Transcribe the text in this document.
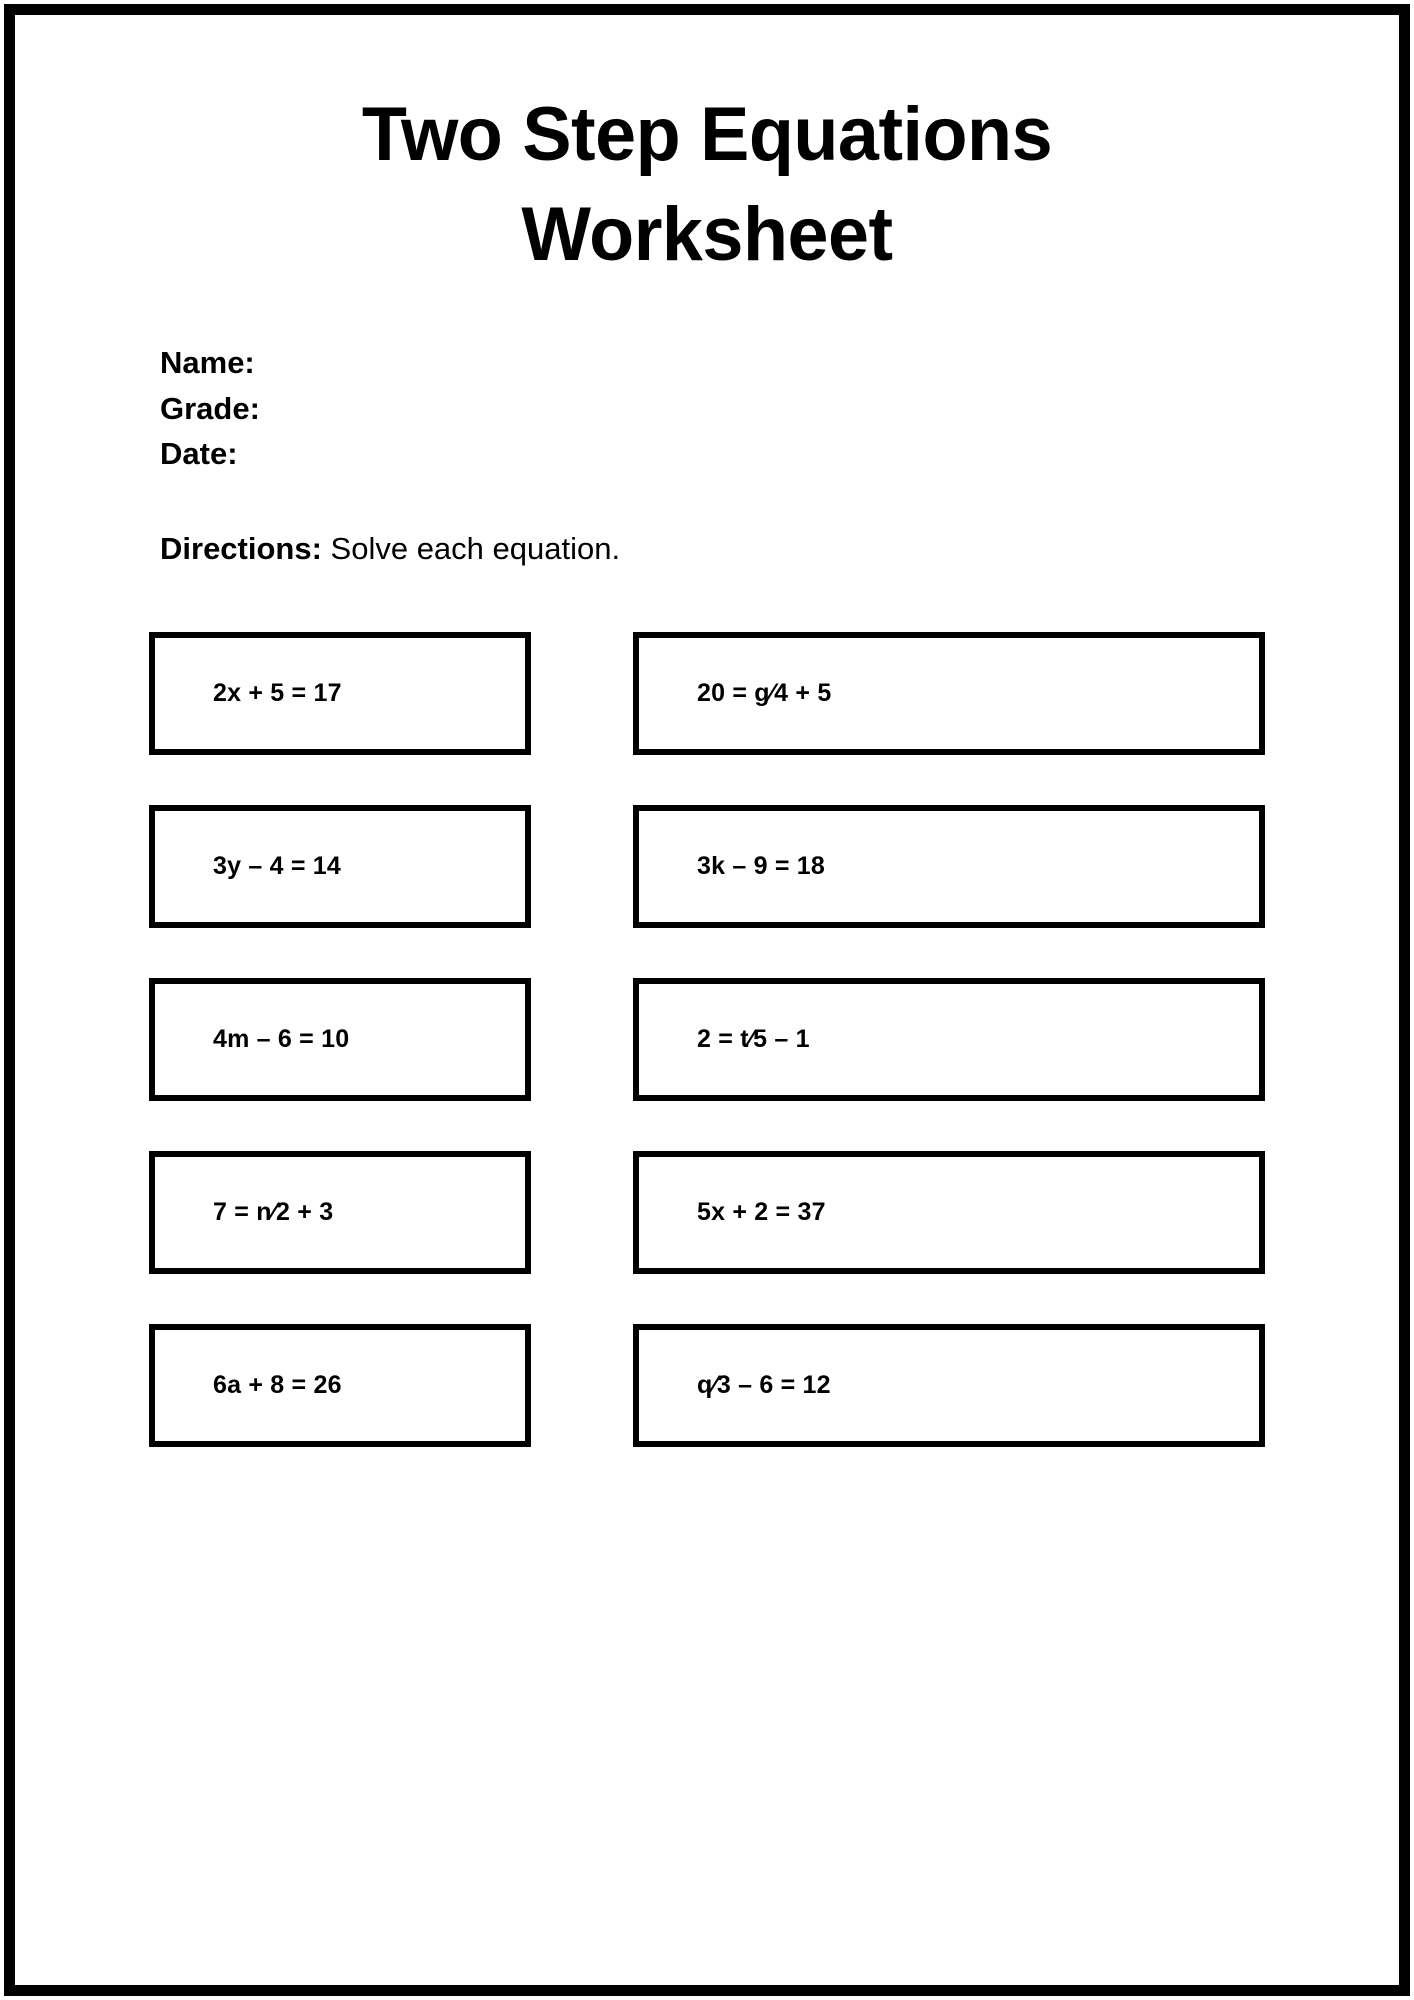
Two Step Equations
Worksheet
Name:
Grade:
Date:
Directions: Solve each equation.
2x + 5 = 17	20 = g⁄4 + 5
3y – 4 = 14	3k – 9 = 18
4m – 6 = 10	2 = t⁄5 – 1
7 = n⁄2 + 3	5x + 2 = 37
6a + 8 = 26	q⁄3 – 6 = 12
